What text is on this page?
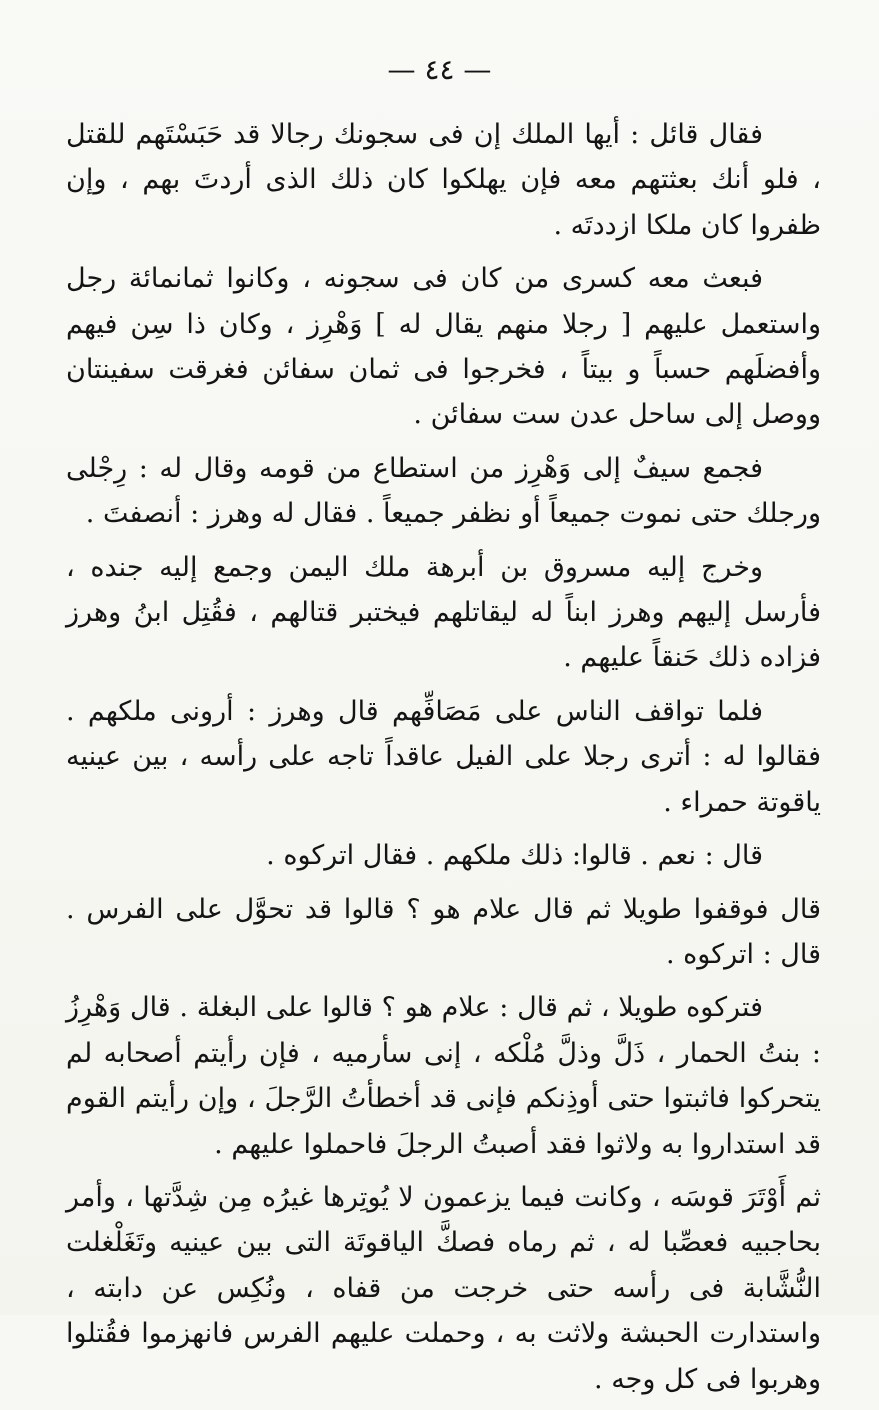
— ٤٤ —

فقال قائل : أيها الملك إن فى سجونك رجالا قد حَبَسْتَهم للقتل ، فلو أنك بعثتهم معه فإن يهلكوا كان ذلك الذى أردتَ بهم ، وإن ظفروا كان ملكا ازددتَه .

فبعث معه كسرى من كان فى سجونه ، وكانوا ثمانمائة رجل واستعمل عليهم [ رجلا منهم يقال له ] وَهْرِز ، وكان ذا سِن فيهم وأفضلَهم حسباً و بيتاً ، فخرجوا فى ثمان سفائن فغرقت سفينتان ووصل إلى ساحل عدن ست سفائن .

فجمع سيفٌ إلى وَهْرِز من استطاع من قومه وقال له : رِجْلى ورجلك حتى نموت جميعاً أو نظفر جميعاً . فقال له وهرز : أنصفتَ .

وخرج إليه مسروق بن أبرهة ملك اليمن وجمع إليه جنده ، فأرسل إليهم وهرز ابناً له ليقاتلهم فيختبر قتالهم ، فقُتِل ابنُ وهرز فزاده ذلك حَنقاً عليهم .

فلما تواقف الناس على مَصَافِّهم قال وهرز : أرونى ملكهم . فقالوا له : أترى رجلا على الفيل عاقداً تاجه على رأسه ، بين عينيه ياقوتة حمراء .

قال : نعم . قالوا: ذلك ملكهم . فقال اتركوه .

قال فوقفوا طويلا ثم قال علام هو ؟ قالوا قد تحوَّل على الفرس . قال : اتركوه .

فتركوه طويلا ، ثم قال : علام هو ؟ قالوا على البغلة . قال وَهْرِزُ : بنتُ الحمار ، ذَلَّ وذلَّ مُلْكه ، إنى سأرميه ، فإن رأيتم أصحابه لم يتحركوا فاثبتوا حتى أوذِنكم فإنى قد أخطأتُ الرَّجلَ ، وإن رأيتم القوم قد استداروا به ولاثوا فقد أصبتُ الرجلَ فاحملوا عليهم .

ثم أَوْتَرَ قوسَه ، وكانت فيما يزعمون لا يُوتِرها غيرُه مِن شِدَّتها ، وأمر بحاجبيه فعصِّبا له ، ثم رماه فصكَّ الياقوتَة التى بين عينيه وتَغَلْغلت النُّشَّابة فى رأسه حتى خرجت من قفاه ، ونُكِس عن دابته ، واستدارت الحبشة ولاثت به ، وحملت عليهم الفرس فانهزموا فقُتلوا وهربوا فى كل وجه .
